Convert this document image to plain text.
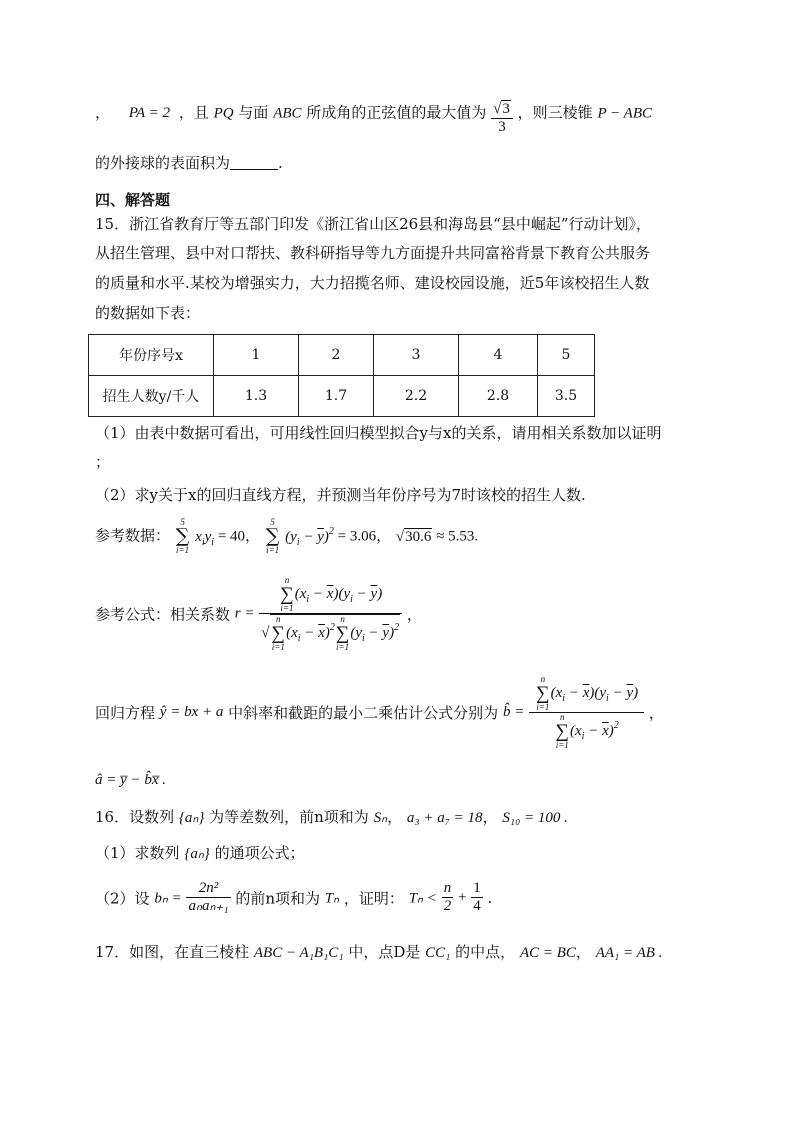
， PA = 2 ，且 PQ 与面 ABC 所成角的正弦值的最大值为 $\frac{√3}{3}$ ，则三棱锥 P − ABC
的外接球的表面积为	.
四、解答题
15．浙江省教育厅等五部门印发《浙江省山区26县和海岛县“县中崛起”行动计划》，
从招生管理、县中对口帮扶、教科研指导等九方面提升共同富裕背景下教育公共服务
的质量和水平.某校为增强实力，大力招揽名师、建设校园设施，近5年该校招生人数
的数据如下表：
年份序号x	1	2	3	4	5
招生人数y/千人	1.3	1.7	2.2	2.8	3.5
（1）由表中数据可看出，可用线性回归模型拟合y与x的关系，请用相关系数加以证明
；
（2）求y关于x的回归直线方程，并预测当年份序号为7时该校的招生人数.
参考数据：
5
∑
i=1
$x_iy_i = 40$，
5
∑
i=1
$(y_i - \overline{y})^2 = 3.06$， √30.6 ≈ 5.53.
参考公式：相关系数 r = n
∑
i=1
$(x_i - \overline{x})(y_i - \overline{y})$
√
n
∑
i=1
$(x_i - \overline{x})^2$
n
∑
i=1
$(y_i - \overline{y})^2$ ，
回归方程 ŷ = bx + a 中斜率和截距的最小二乘估计公式分别为 b̂ = n
∑
i=1
$(x_i - \overline{x})(y_i - \overline{y})$
n
∑
i=1
$(x_i - \overline{x})^2$ ，
â = y̅ − b̂x̅ .
16．设数列 {aₙ} 为等差数列，前n项和为 Sₙ， a₃ + a₇ = 18， S₁₀ = 100 .
（1）求数列 {aₙ} 的通项公式；
（2）设 $b_n = \frac{\text{2n²}}{\text{aₙaₙ₊₁}}$ 的前n项和为 Tₙ ，证明： $T_n < \frac{n}{2} + \frac{1}{4}$ .
17．如图，在直三棱柱 ABC − A₁B₁C₁ 中，点D是 CC₁ 的中点， AC = BC， AA₁ = AB .
